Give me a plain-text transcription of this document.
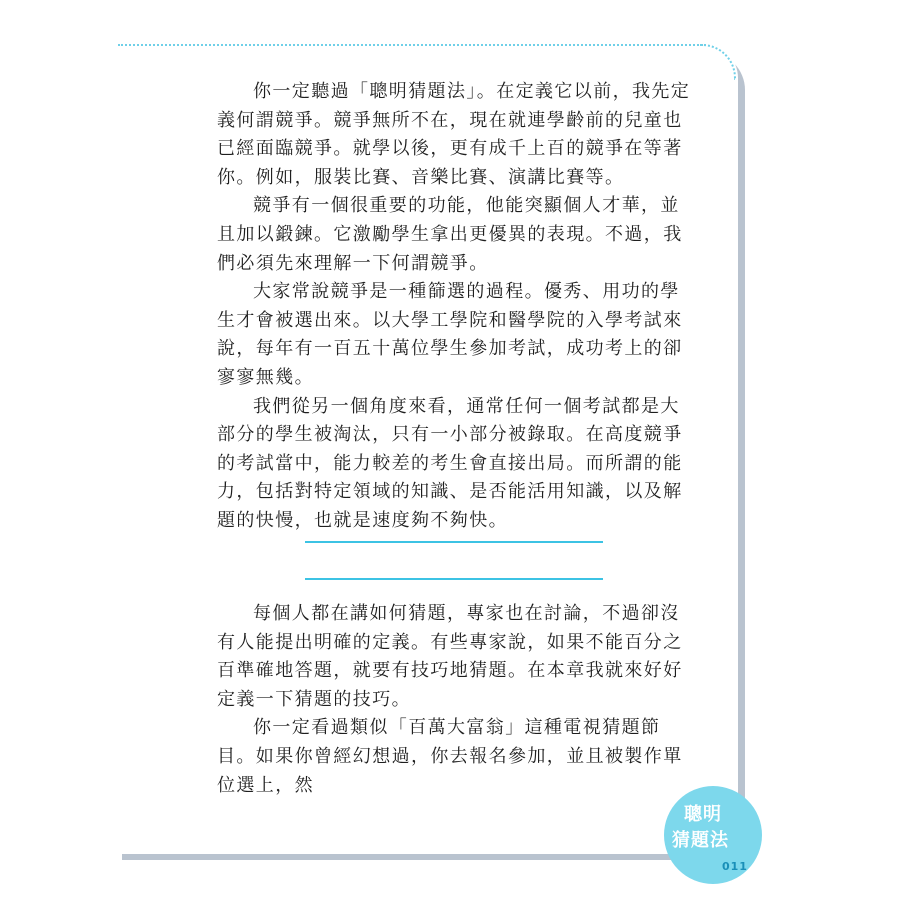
你一定聽過「聰明猜題法」。在定義它以前，我先定義何謂競爭。競爭無所不在，現在就連學齡前的兒童也已經面臨競爭。就學以後，更有成千上百的競爭在等著你。例如，服裝比賽、音樂比賽、演講比賽等。

競爭有一個很重要的功能，他能突顯個人才華，並且加以鍛鍊。它激勵學生拿出更優異的表現。不過，我們必須先來理解一下何謂競爭。

大家常說競爭是一種篩選的過程。優秀、用功的學生才會被選出來。以大學工學院和醫學院的入學考試來說，每年有一百五十萬位學生參加考試，成功考上的卻寥寥無幾。

我們從另一個角度來看，通常任何一個考試都是大部分的學生被淘汰，只有一小部分被錄取。在高度競爭的考試當中，能力較差的考生會直接出局。而所謂的能力，包括對特定領域的知識、是否能活用知識，以及解題的快慢，也就是速度夠不夠快。

每個人都在講如何猜題，專家也在討論，不過卻沒有人能提出明確的定義。有些專家說，如果不能百分之百準確地答題，就要有技巧地猜題。在本章我就來好好定義一下猜題的技巧。

你一定看過類似「百萬大富翁」這種電視猜題節目。如果你曾經幻想過，你去報名參加，並且被製作單位選上，然

聰明
猜題法
011
